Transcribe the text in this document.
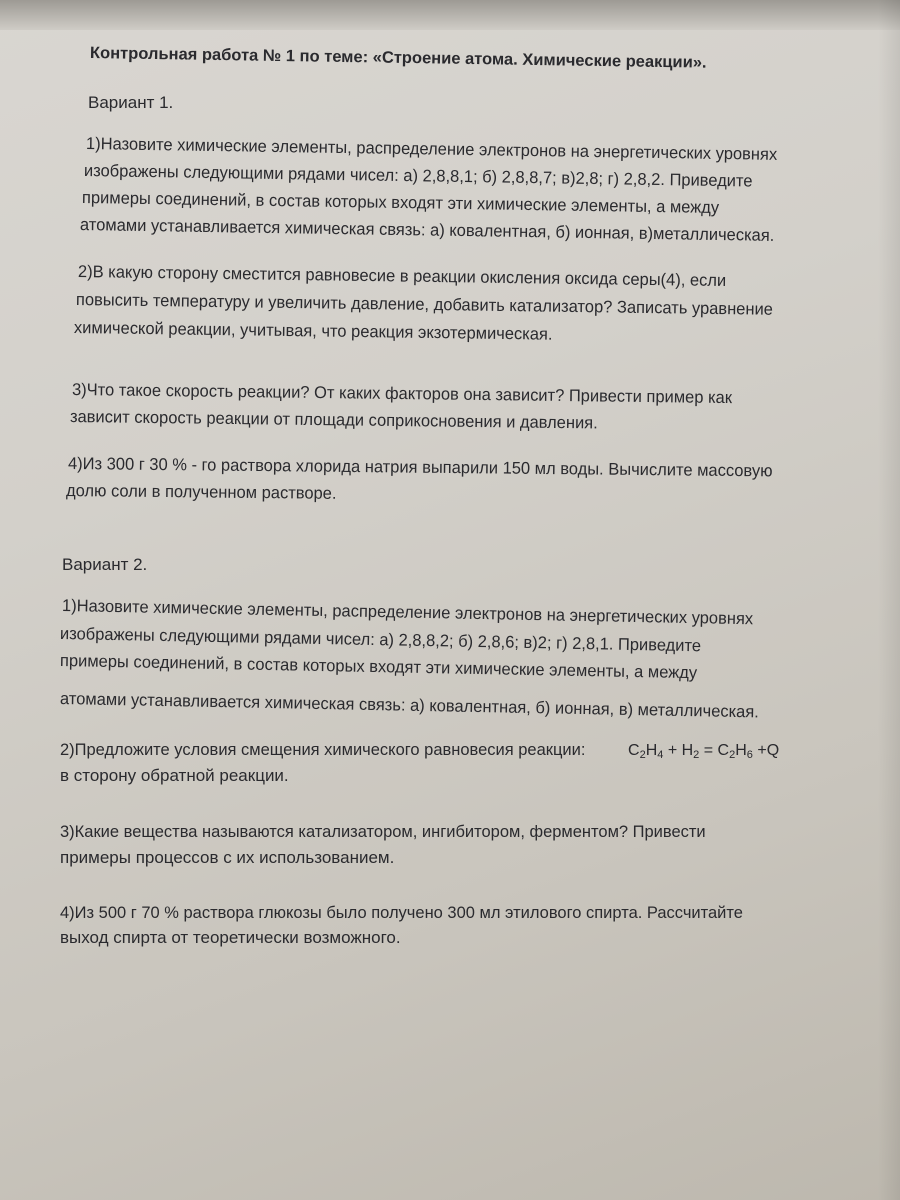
Контрольная работа № 1 по теме: «Строение атома. Химические реакции».
Вариант 1.
1)Назовите химические элементы, распределение электронов на энергетических уровнях
изображены следующими рядами чисел: а) 2,8,8,1; б) 2,8,8,7; в)2,8; г) 2,8,2. Приведите
примеры соединений, в состав которых входят эти химические элементы, а между
атомами устанавливается химическая связь: а) ковалентная, б) ионная, в)металлическая.
2)В какую сторону сместится равновесие в реакции окисления оксида серы(4), если
повысить температуру и увеличить давление, добавить катализатор? Записать уравнение
химической реакции, учитывая, что реакция экзотермическая.
3)Что такое скорость реакции? От каких факторов она зависит? Привести пример как
зависит скорость реакции от площади соприкосновения и давления.
4)Из 300 г 30 % - го раствора хлорида натрия выпарили 150 мл воды. Вычислите массовую
долю соли в полученном растворе.
Вариант 2.
1)Назовите химические элементы, распределение электронов на энергетических уровнях
изображены следующими рядами чисел: а) 2,8,8,2; б) 2,8,6; в)2; г) 2,8,1. Приведите
примеры соединений, в состав которых входят эти химические элементы, а между
атомами устанавливается химическая связь: а) ковалентная, б) ионная, в) металлическая.
2)Предложите условия смещения химического равновесия реакции:	$C_2H_4 + H_2 = C_2H_6 +Q$
в сторону обратной реакции.
3)Какие вещества называются катализатором, ингибитором, ферментом? Привести
примеры процессов с их использованием.
4)Из 500 г 70 % раствора глюкозы было получено 300 мл этилового спирта. Рассчитайте
выход спирта от теоретически возможного.
